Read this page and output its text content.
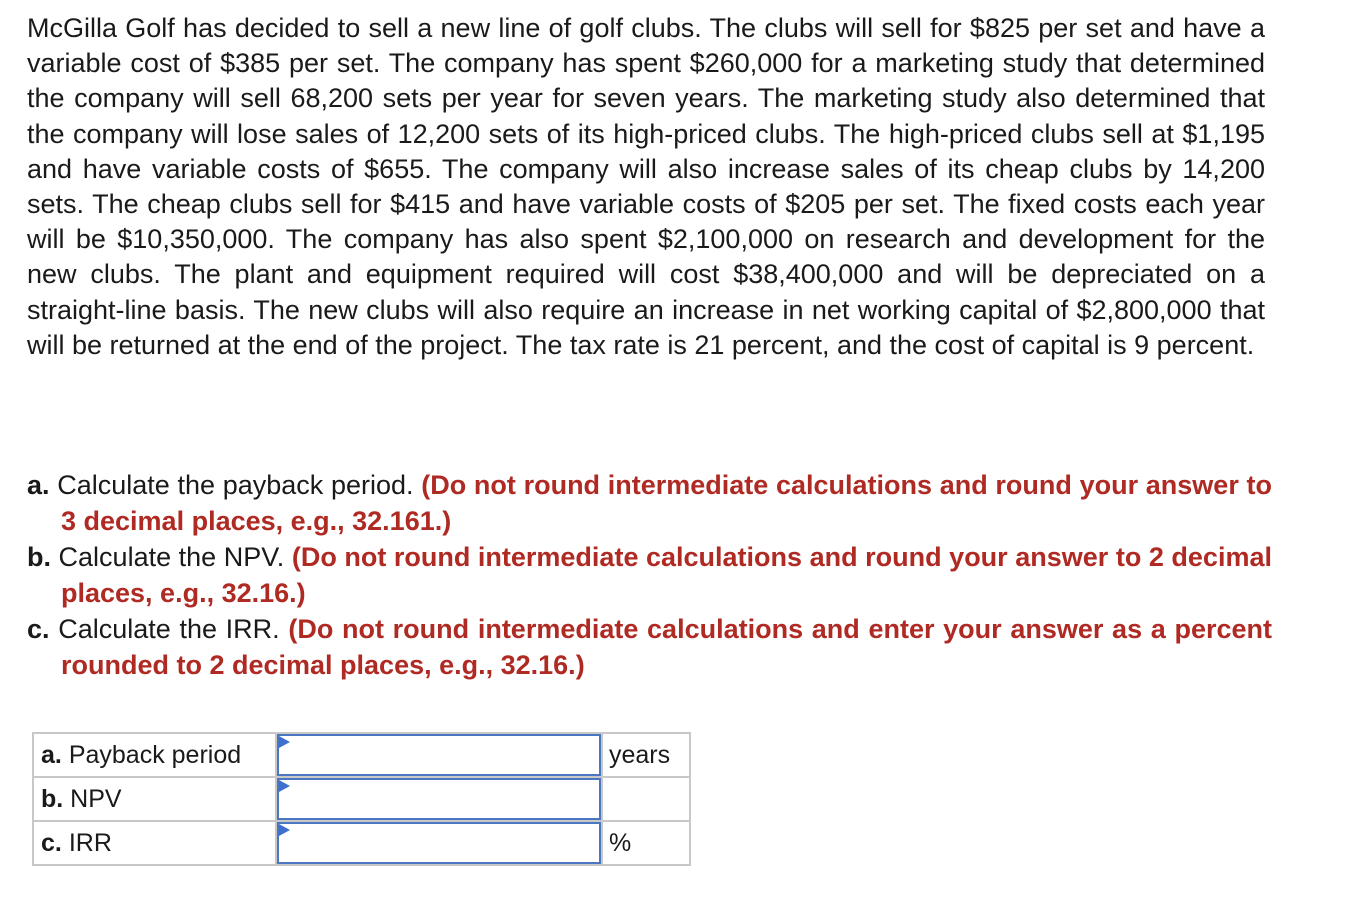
McGilla Golf has decided to sell a new line of golf clubs. The clubs will sell for $825 per set and have a variable cost of $385 per set. The company has spent $260,000 for a marketing study that determined the company will sell 68,200 sets per year for seven years. The marketing study also determined that the company will lose sales of 12,200 sets of its high-priced clubs. The high-priced clubs sell at $1,195 and have variable costs of $655. The company will also increase sales of its cheap clubs by 14,200 sets. The cheap clubs sell for $415 and have variable costs of $205 per set. The fixed costs each year will be $10,350,000. The company has also spent $2,100,000 on research and development for the new clubs. The plant and equipment required will cost $38,400,000 and will be depreciated on a straight-line basis. The new clubs will also require an increase in net working capital of $2,800,000 that will be returned at the end of the project. The tax rate is 21 percent, and the cost of capital is 9 percent.

a. Calculate the payback period. (Do not round intermediate calculations and round your answer to 3 decimal places, e.g., 32.161.)
b. Calculate the NPV. (Do not round intermediate calculations and round your answer to 2 decimal places, e.g., 32.16.)
c. Calculate the IRR. (Do not round intermediate calculations and enter your answer as a percent rounded to 2 decimal places, e.g., 32.16.)
a. Payback period		years
b. NPV	

c. IRR		%
